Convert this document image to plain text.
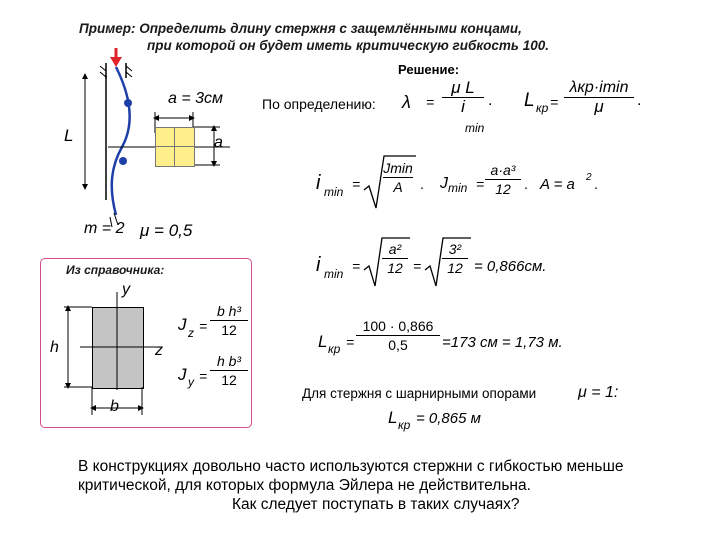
Пример: Определить длину стержня с защемлёнными концами,
при которой он будет иметь критическую гибкость 100.
L
a = 3см
a
m = 2 μ = 0,5
Решение:
По определению: λ =
μ L
i
min
. L кр =
λкр·imin
μ	.
i min =
Jmin
A	. J min =
a·a³
12 . A = a 2 .
i min =
a²
12 =
3²
12 = 0,866см.
L кр =
100 · 0,866
0,5	=173 см = 1,73 м.
Для стержня с шарнирными опорами	μ = 1:
L кр = 0,865 м
Из справочника:
y
z
h
b
J z =
b h³
12
J y =
h b³
12
В конструкциях довольно часто используются стержни с гибкостью меньше
критической, для которых формула Эйлера не действительна.
Как следует поступать в таких случаях?
